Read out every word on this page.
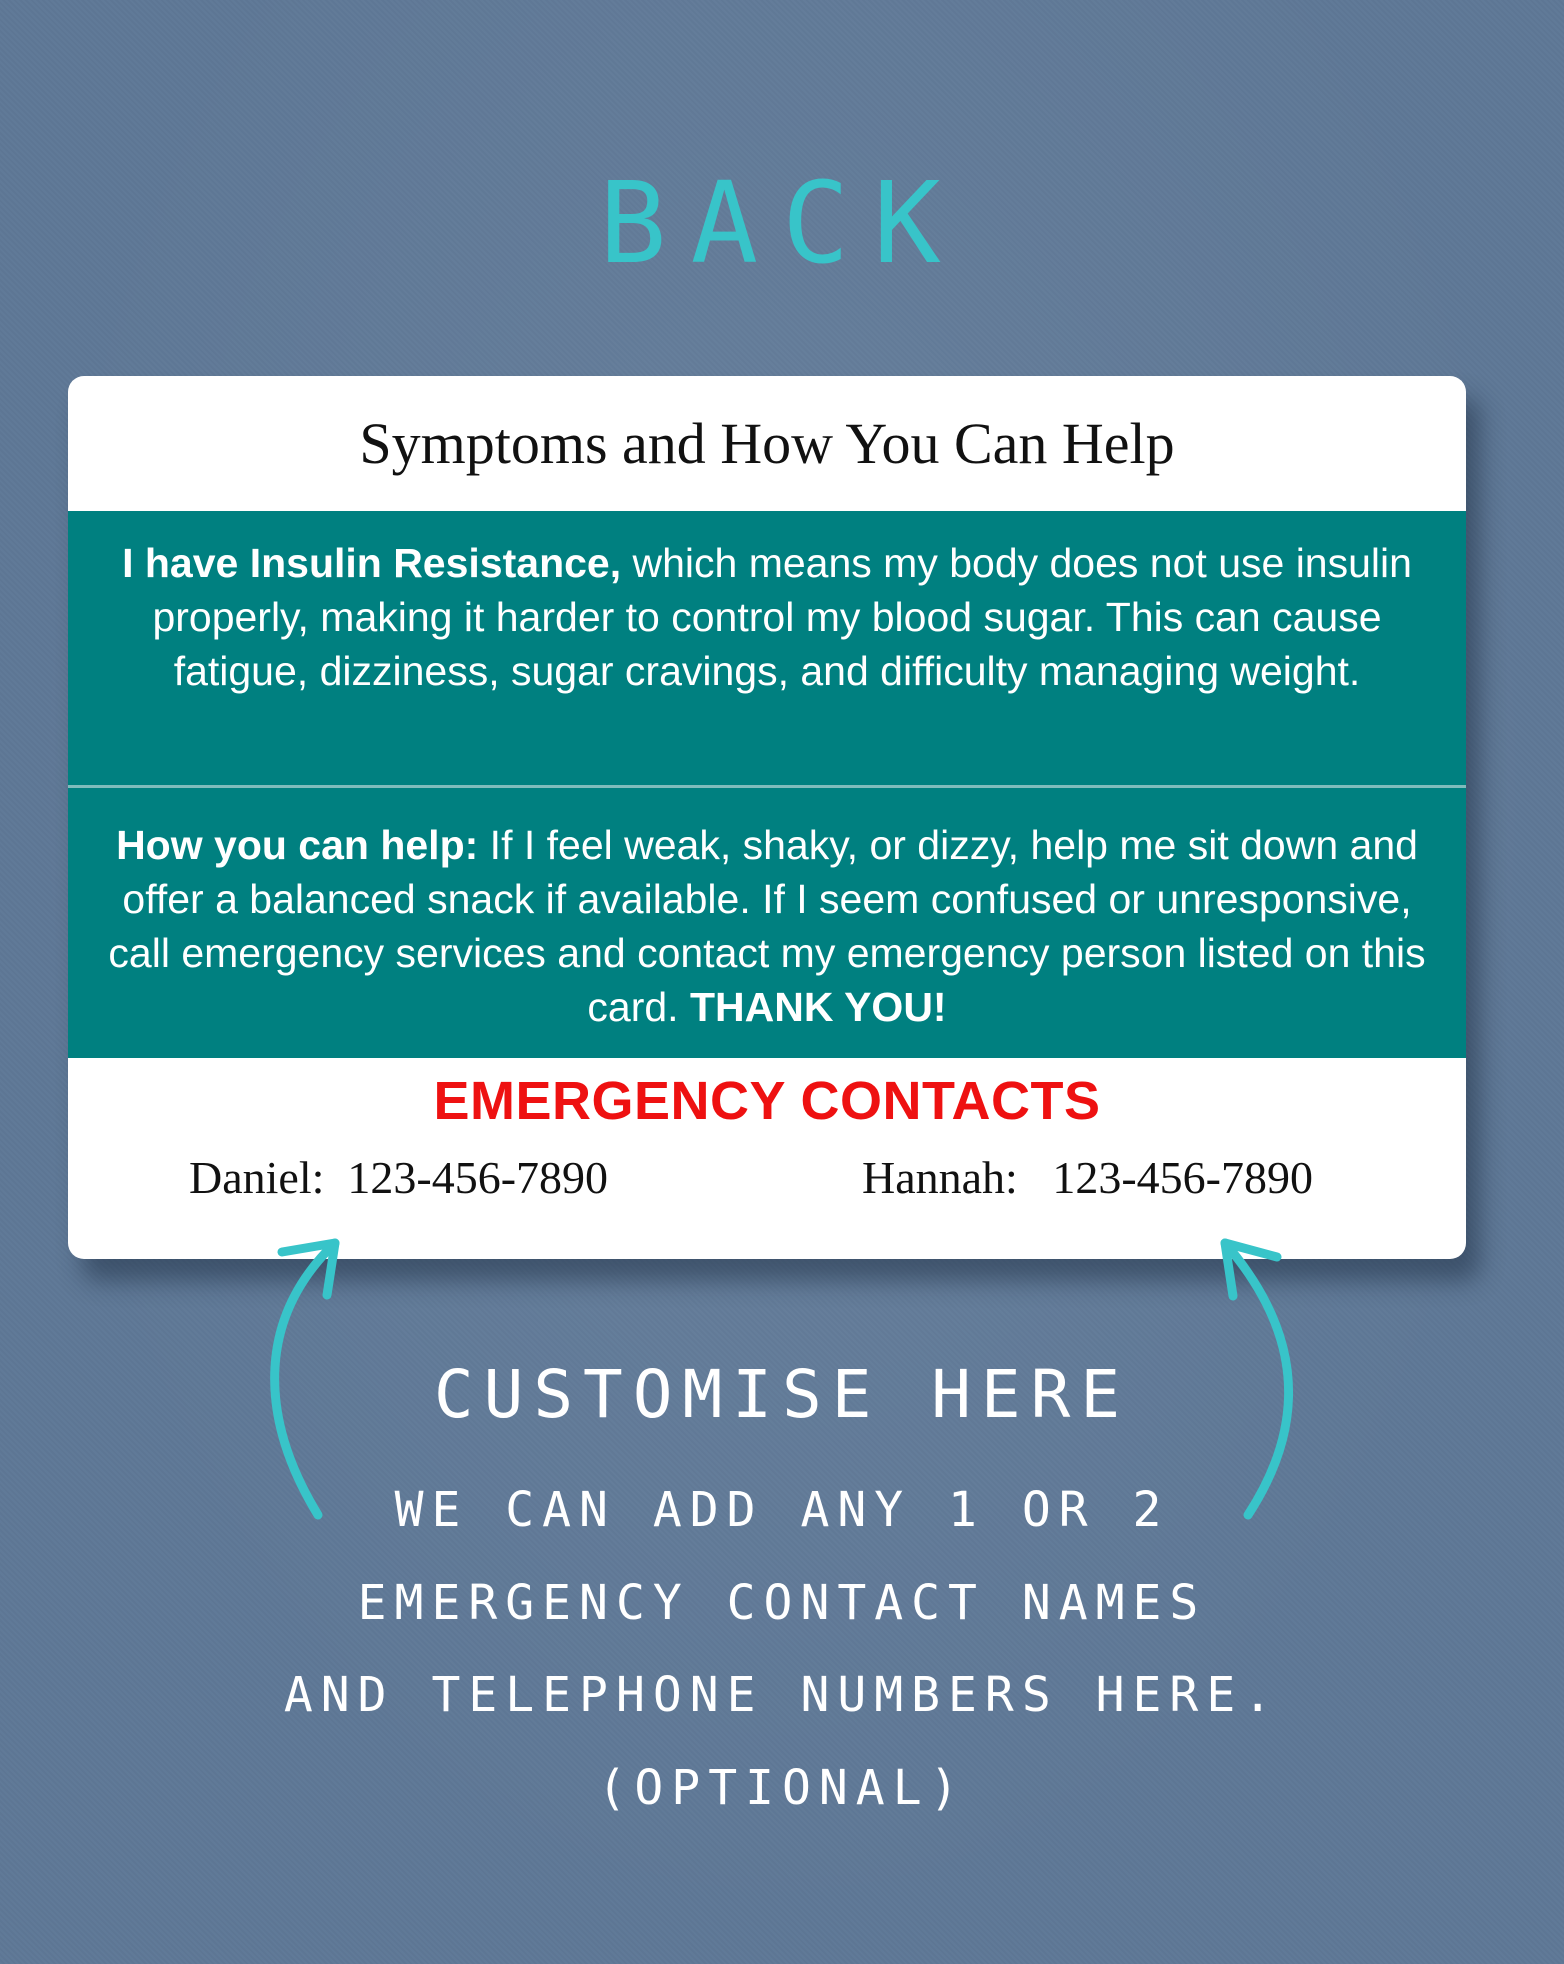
BACK
Symptoms and How You Can Help
I have Insulin Resistance, which means my body does not use insulin properly, making it harder to control my blood sugar. This can cause fatigue, dizziness, sugar cravings, and difficulty managing weight.
How you can help: If I feel weak, shaky, or dizzy, help me sit down and offer a balanced snack if available. If I seem confused or unresponsive, call emergency services and contact my emergency person listed on this card. THANK YOU!
EMERGENCY CONTACTS
Daniel: 123-456-7890	Hannah: 123-456-7890
CUSTOMISE HERE
WE CAN ADD ANY 1 OR 2
EMERGENCY CONTACT NAMES
AND TELEPHONE NUMBERS HERE.
(OPTIONAL)
